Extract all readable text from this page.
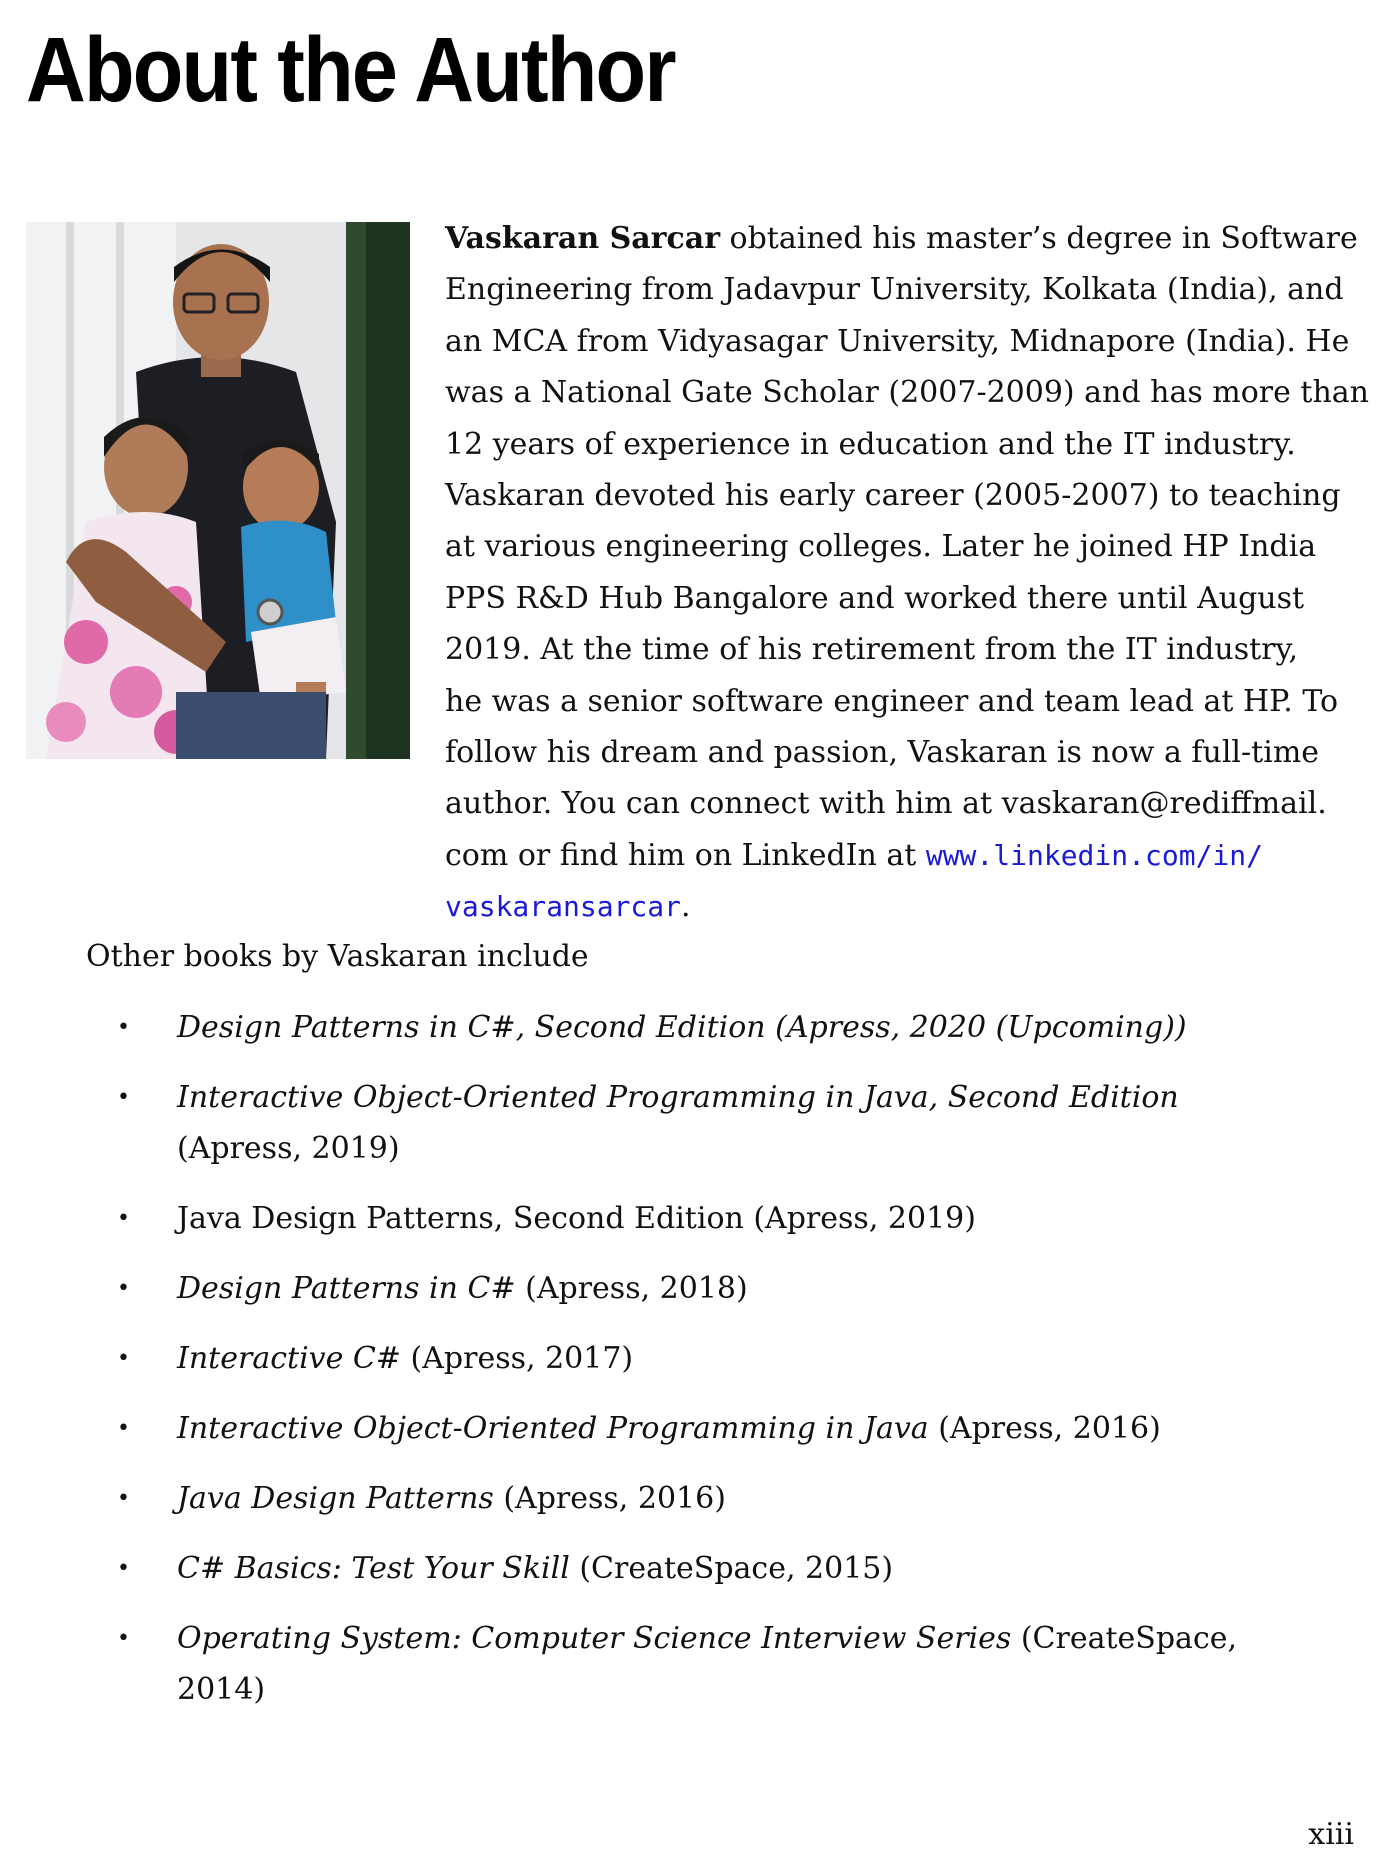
About the Author
Vaskaran Sarcar obtained his master’s degree in Software
Engineering from Jadavpur University, Kolkata (India), and
an MCA from Vidyasagar University, Midnapore (India). He
was a National Gate Scholar (2007-2009) and has more than
12 years of experience in education and the IT industry.
Vaskaran devoted his early career (2005-2007) to teaching
at various engineering colleges. Later he joined HP India
PPS R&D Hub Bangalore and worked there until August
2019. At the time of his retirement from the IT industry,
he was a senior software engineer and team lead at HP. To
follow his dream and passion, Vaskaran is now a full-time
author. You can connect with him at vaskaran@rediffmail.
com or find him on LinkedIn at www.linkedin.com/in/
vaskaransarcar.

Other books by Vaskaran include

• Design Patterns in C#, Second Edition (Apress, 2020 (Upcoming))
• Interactive Object-Oriented Programming in Java, Second Edition
(Apress, 2019)
• Java Design Patterns, Second Edition (Apress, 2019)
• Design Patterns in C# (Apress, 2018)
• Interactive C# (Apress, 2017)
• Interactive Object-Oriented Programming in Java (Apress, 2016)
• Java Design Patterns (Apress, 2016)
• C# Basics: Test Your Skill (CreateSpace, 2015)
• Operating System: Computer Science Interview Series (CreateSpace,
2014)

xiii
